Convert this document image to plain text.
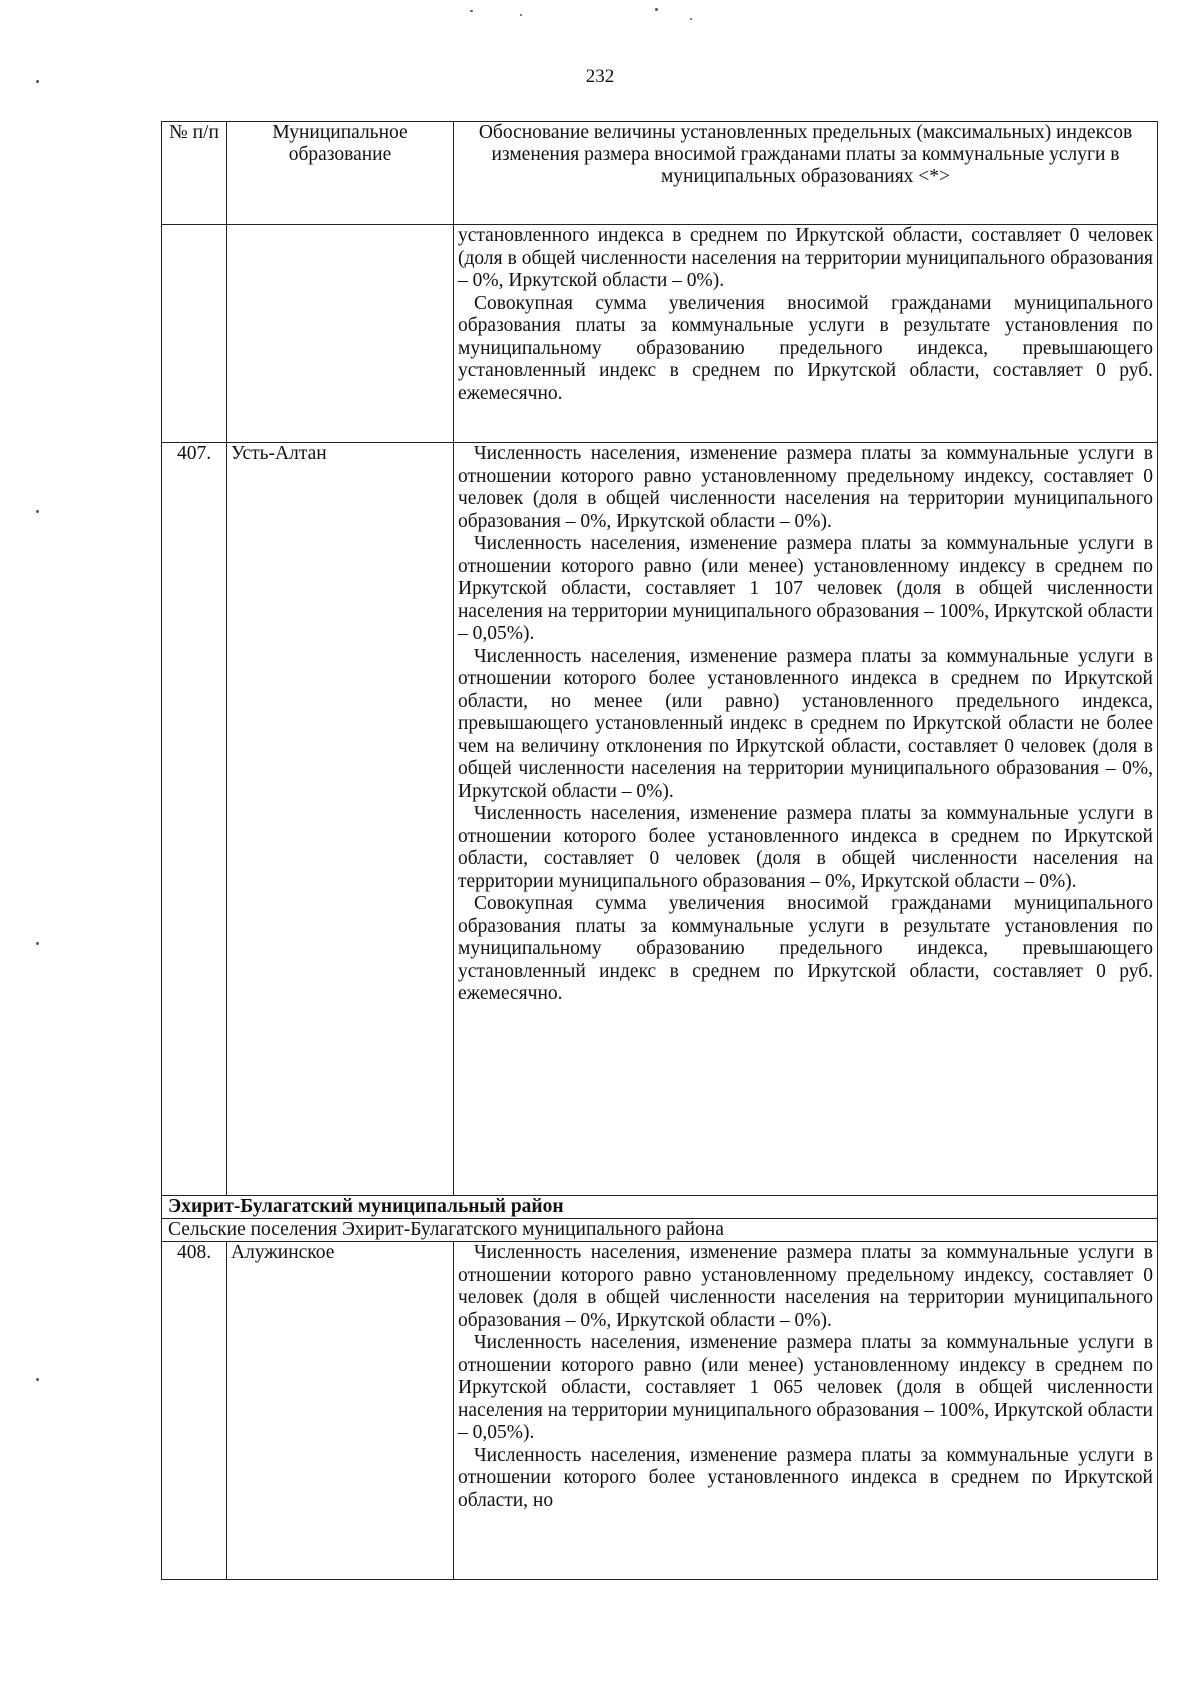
232
№ п/п	Муниципальное образование	Обоснование величины установленных предельных (максимальных) индексов изменения размера вносимой гражданами платы за коммунальные услуги в муниципальных образованиях <*>

		установленного индекса в среднем по Иркутской области, составляет 0 человек (доля в общей численности населения на территории муниципального образования – 0%, Иркутской области – 0%).

Совокупная сумма увеличения вносимой гражданами муниципального образования платы за коммунальные услуги в результате установления по муниципальному образованию предельного индекса, превышающего установленный индекс в среднем по Иркутской области, составляет 0 руб. ежемесячно.

407.	Усть-Алтан	Численность населения, изменение размера платы за коммунальные услуги в отношении которого равно установленному предельному индексу, составляет 0 человек (доля в общей численности населения на территории муниципального образования – 0%, Иркутской области – 0%).

Численность населения, изменение размера платы за коммунальные услуги в отношении которого равно (или менее) установленному индексу в среднем по Иркутской области, составляет 1 107 человек (доля в общей численности населения на территории муниципального образования – 100%, Иркутской области – 0,05%).

Численность населения, изменение размера платы за коммунальные услуги в отношении которого более установленного индекса в среднем по Иркутской области, но менее (или равно) установленного предельного индекса, превышающего установленный индекс в среднем по Иркутской области не более чем на величину отклонения по Иркутской области, составляет 0 человек (доля в общей численности населения на территории муниципального образования – 0%, Иркутской области – 0%).

Численность населения, изменение размера платы за коммунальные услуги в отношении которого более установленного индекса в среднем по Иркутской области, составляет 0 человек (доля в общей численности населения на территории муниципального образования – 0%, Иркутской области – 0%).

Совокупная сумма увеличения вносимой гражданами муниципального образования платы за коммунальные услуги в результате установления по муниципальному образованию предельного индекса, превышающего установленный индекс в среднем по Иркутской области, составляет 0 руб. ежемесячно.

Эхирит-Булагатский муниципальный район		
Сельские поселения Эхирит-Булагатского муниципального района		
408.	Алужинское	Численность населения, изменение размера платы за коммунальные услуги в отношении которого равно установленному предельному индексу, составляет 0 человек (доля в общей численности населения на территории муниципального образования – 0%, Иркутской области – 0%).

Численность населения, изменение размера платы за коммунальные услуги в отношении которого равно (или менее) установленному индексу в среднем по Иркутской области, составляет 1 065 человек (доля в общей численности населения на территории муниципального образования – 100%, Иркутской области – 0,05%).

Численность населения, изменение размера платы за коммунальные услуги в отношении которого более установленного индекса в среднем по Иркутской области, но
